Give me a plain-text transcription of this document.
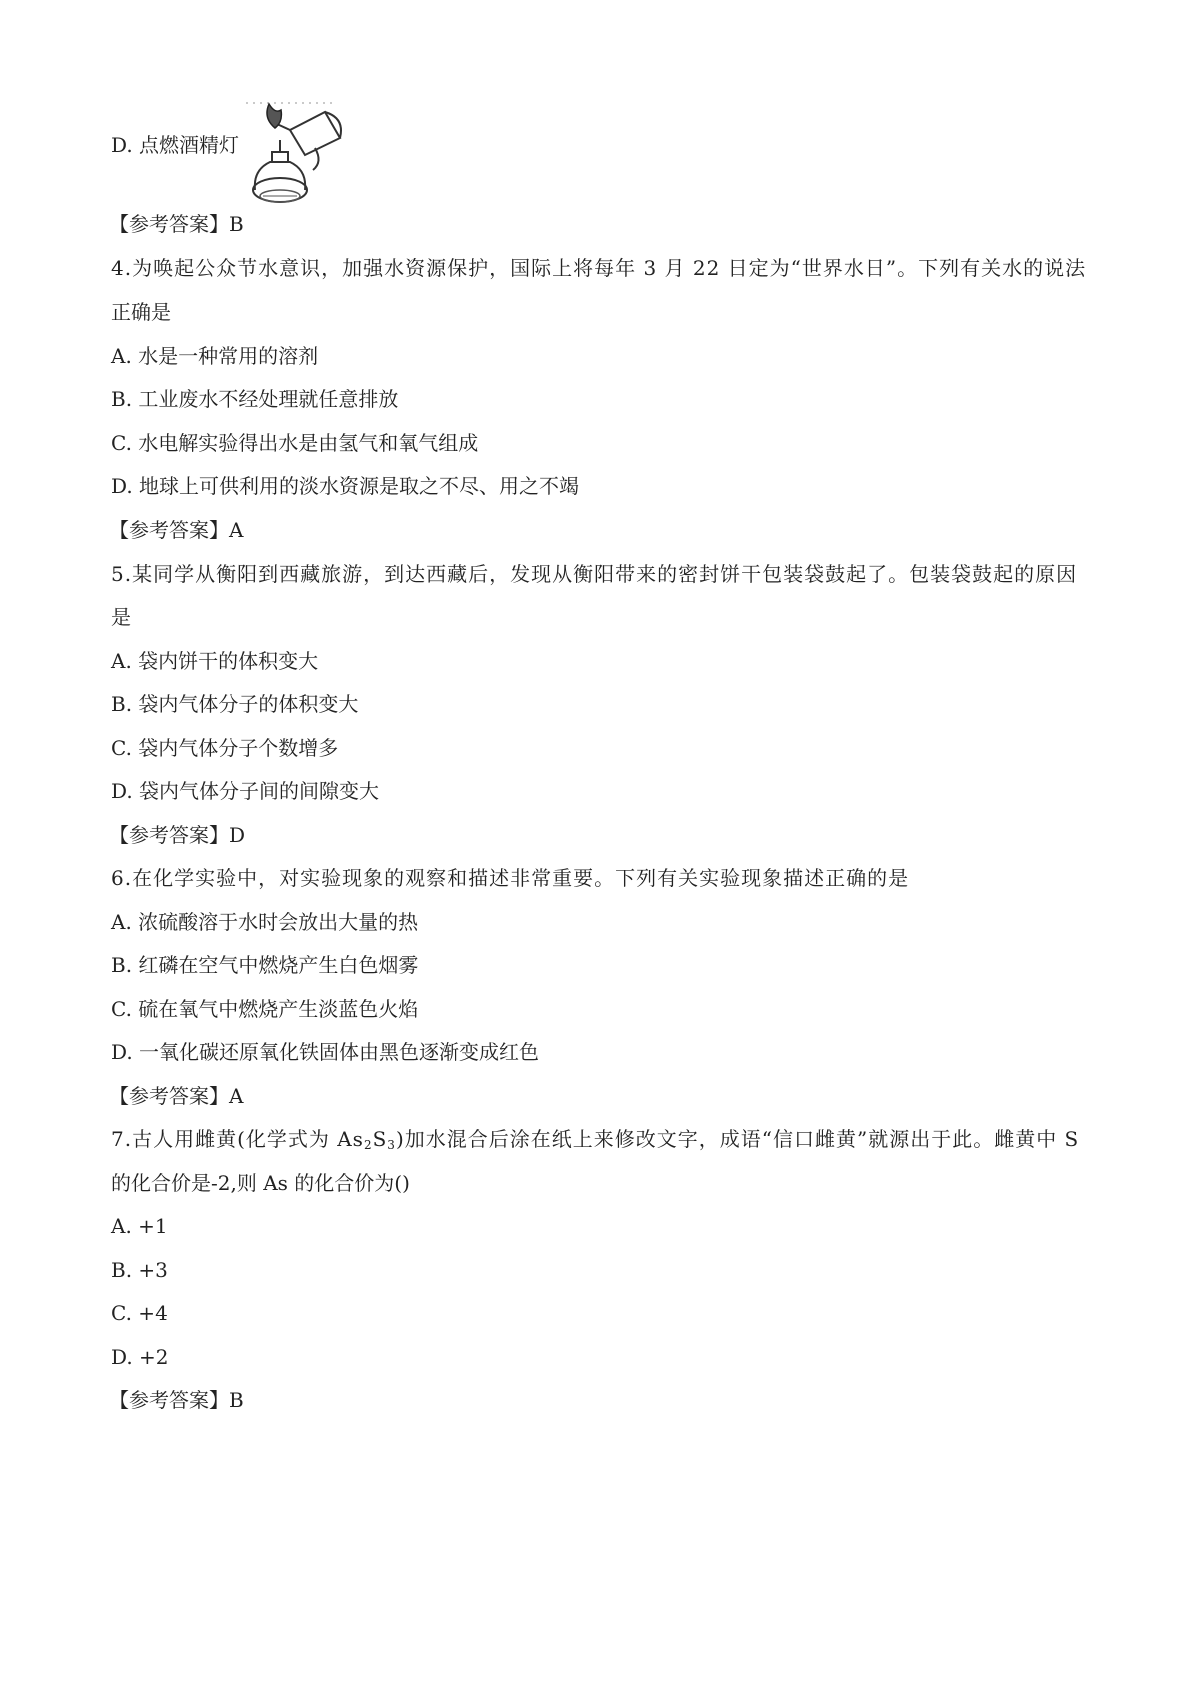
D. 点燃酒精灯
【参考答案】B
4.为唤起公众节水意识，加强水资源保护，国际上将每年 3 月 22 日定为“世界水日”。下列有关水的说法
正确是
A. 水是一种常用的溶剂
B. 工业废水不经处理就任意排放
C. 水电解实验得出水是由氢气和氧气组成
D. 地球上可供利用的淡水资源是取之不尽、用之不竭
【参考答案】A
5.某同学从衡阳到西藏旅游，到达西藏后，发现从衡阳带来的密封饼干包装袋鼓起了。包装袋鼓起的原因
是
A. 袋内饼干的体积变大
B. 袋内气体分子的体积变大
C. 袋内气体分子个数增多
D. 袋内气体分子间的间隙变大
【参考答案】D
6.在化学实验中，对实验现象的观察和描述非常重要。下列有关实验现象描述正确的是
A. 浓硫酸溶于水时会放出大量的热
B. 红磷在空气中燃烧产生白色烟雾
C. 硫在氧气中燃烧产生淡蓝色火焰
D. 一氧化碳还原氧化铁固体由黑色逐渐变成红色
【参考答案】A
7.古人用雌黄(化学式为 $As_2S_3$)加水混合后涂在纸上来修改文字，成语“信口雌黄”就源出于此。雌黄中 S
的化合价是-2,则 As 的化合价为()
A. +1
B. +3
C. +4
D. +2
【参考答案】B
